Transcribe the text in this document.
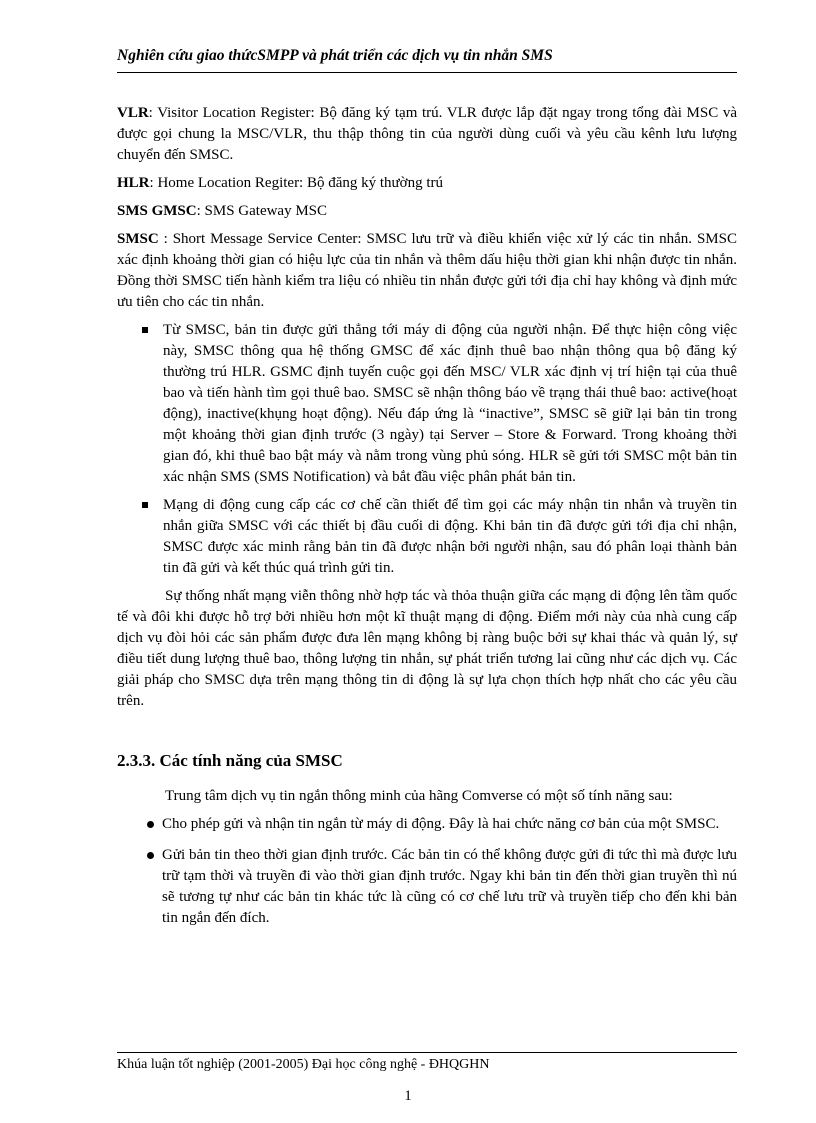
Nghiên cứu giao thứcSMPP và phát triển các dịch vụ tin nhắn SMS

VLR: Visitor Location Register: Bộ đăng ký tạm trú. VLR được lắp đặt ngay trong tổng đài MSC và được gọi chung la MSC/VLR, thu thập thông tin của người dùng cuối và yêu cầu kênh lưu lượng chuyển đến SMSC.

HLR: Home Location Regiter: Bộ đăng ký thường trú

SMS GMSC: SMS Gateway MSC

SMSC : Short Message Service Center: SMSC lưu trữ và điều khiển việc xử lý các tin nhắn. SMSC xác định khoảng thời gian có hiệu lực của tin nhắn và thêm dấu hiệu thời gian khi nhận được tin nhắn. Đồng thời SMSC tiến hành kiểm tra liệu có nhiều tin nhắn được gửi tới địa chỉ hay không và định mức ưu tiên cho các tin nhắn.

Từ SMSC, bản tin được gửi thẳng tới máy di động của người nhận. Để thực hiện công việc này, SMSC thông qua hệ thống GMSC để xác định thuê bao nhận thông qua bộ đăng ký thường trú HLR. GSMC định tuyến cuộc gọi đến MSC/ VLR xác định vị trí hiện tại của thuê bao và tiến hành tìm gọi thuê bao. SMSC sẽ nhận thông báo về trạng thái thuê bao: active(hoạt động), inactive(khụng hoạt động). Nếu đáp ứng là “inactive”, SMSC sẽ giữ lại bản tin trong một khoảng thời gian định trước (3 ngày) tại Server – Store & Forward. Trong khoảng thời gian đó, khi thuê bao bật máy và nằm trong vùng phủ sóng. HLR sẽ gửi tới SMSC một bản tin xác nhận SMS (SMS Notification) và bắt đầu việc phân phát bản tin.
Mạng di động cung cấp các cơ chế cần thiết để tìm gọi các máy nhận tin nhắn và truyền tin nhắn giữa SMSC với các thiết bị đầu cuối di động. Khi bản tin đã được gửi tới địa chỉ nhận, SMSC được xác minh rằng bản tin đã được nhận bởi người nhận, sau đó phân loại thành bản tin đã gửi và kết thúc quá trình gửi tin.

Sự thống nhất mạng viễn thông nhờ hợp tác và thỏa thuận giữa các mạng di động lên tầm quốc tế và đôi khi được hỗ trợ bởi nhiều hơn một kĩ thuật mạng di động. Điểm mới này của nhà cung cấp dịch vụ đòi hỏi các sản phẩm được đưa lên mạng không bị ràng buộc bởi sự khai thác và quản lý, sự điều tiết dung lượng thuê bao, thông lượng tin nhắn, sự phát triển tương lai cũng như các dịch vụ. Các giải pháp cho SMSC dựa trên mạng thông tin di động là sự lựa chọn thích hợp nhất cho các yêu cầu trên.

2.3.3. Các tính năng của SMSC

Trung tâm dịch vụ tin ngắn thông minh của hãng Comverse có một số tính năng sau:

Cho phép gửi và nhận tin ngắn từ máy di động. Đây là hai chức năng cơ bản của một SMSC.
Gửi bản tin theo thời gian định trước. Các bản tin có thể không được gửi đi tức thì mà được lưu trữ tạm thời và truyền đi vào thời gian định trước. Ngay khi bản tin đến thời gian truyền thì nú sẽ tương tự như các bản tin khác tức là cũng có cơ chế lưu trữ và truyền tiếp cho đến khi bản tin ngắn đến đích.
Khúa luận tốt nghiệp (2001-2005) Đại học công nghệ - ĐHQGHN
1
